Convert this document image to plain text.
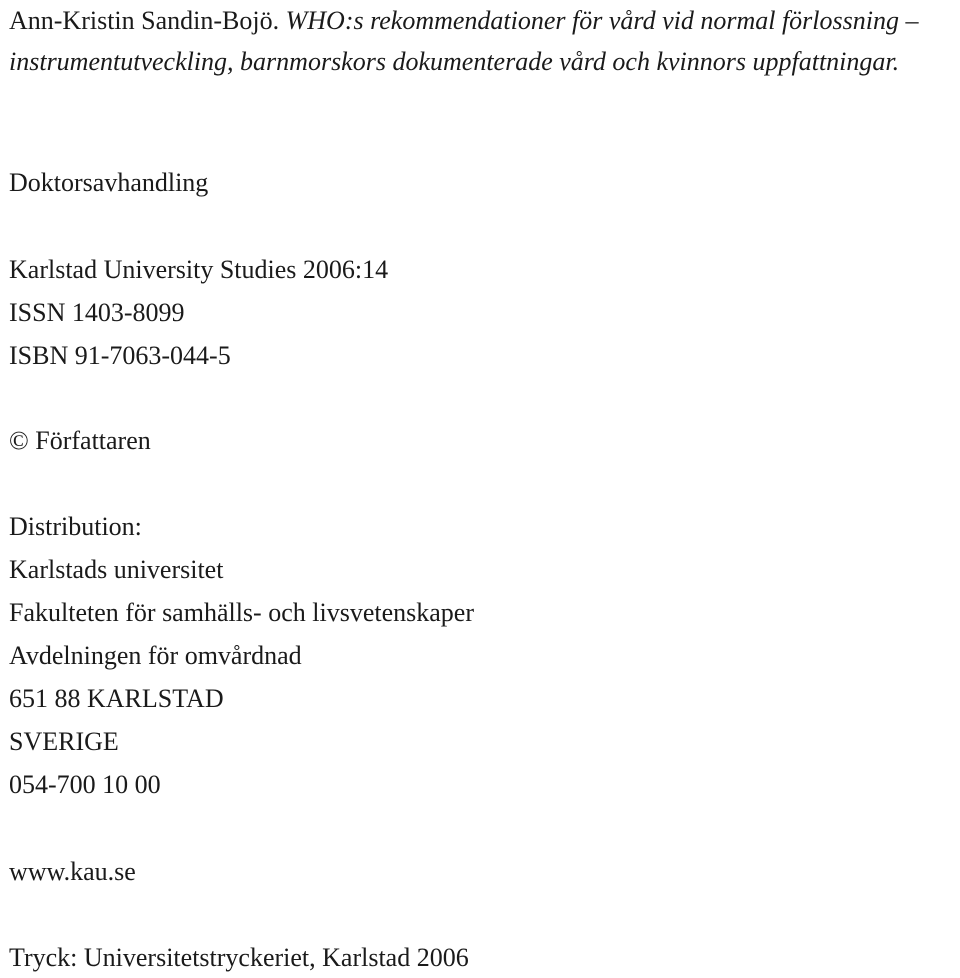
Ann-Kristin Sandin-Bojö. WHO:s rekommendationer för vård vid normal förlossning – instrumentutveckling, barnmorskors dokumenterade vård och kvinnors uppfattningar.
Doktorsavhandling
Karlstad University Studies 2006:14
ISSN 1403-8099
ISBN 91-7063-044-5
© Författaren
Distribution:
Karlstads universitet
Fakulteten för samhälls- och livsvetenskaper
Avdelningen för omvårdnad
651 88 KARLSTAD
SVERIGE
054-700 10 00
www.kau.se
Tryck: Universitetstryckeriet, Karlstad 2006
